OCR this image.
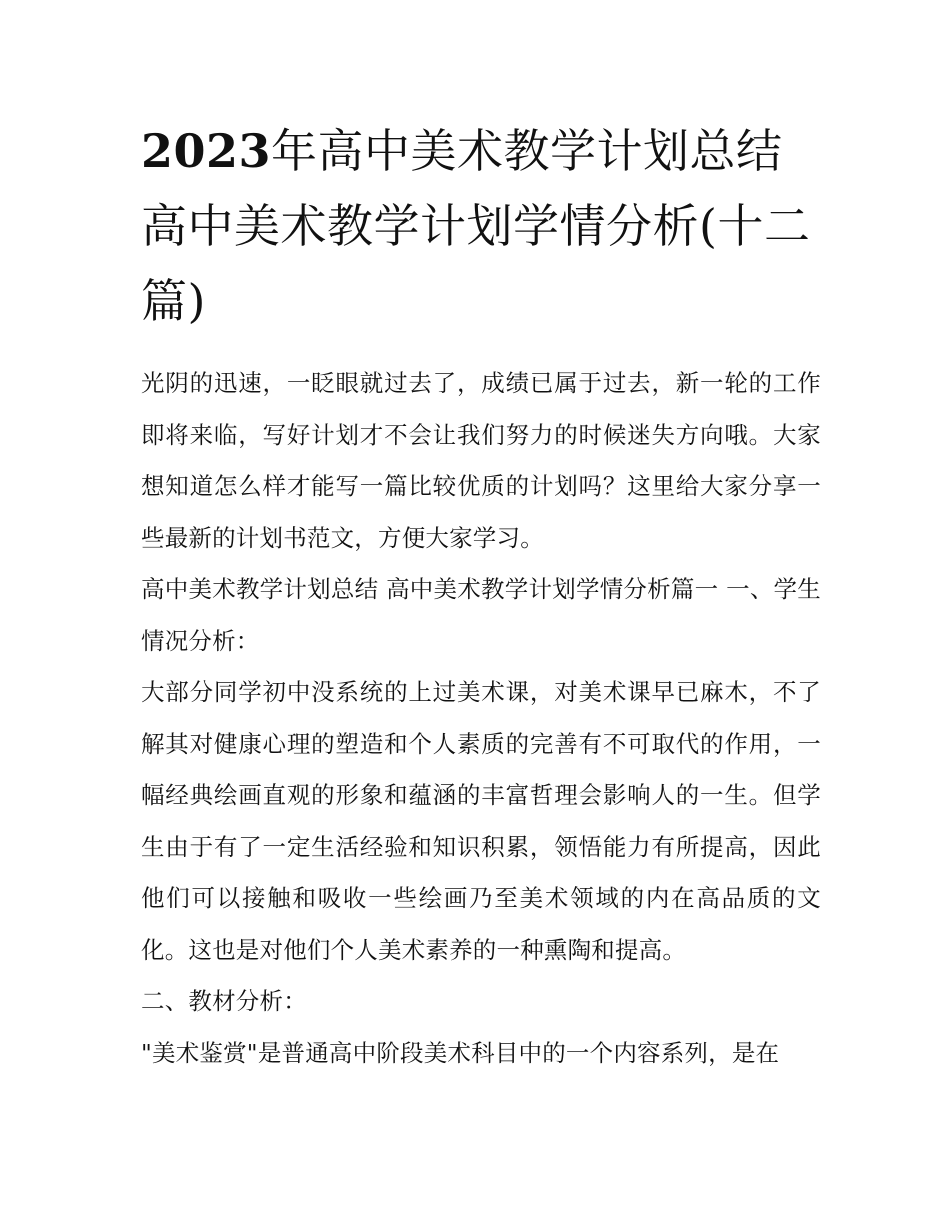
2023年高中美术教学计划总结高中美术教学计划学情分析(十二篇)

光阴的迅速，一眨眼就过去了，成绩已属于过去，新一轮的工作即将来临，写好计划才不会让我们努力的时候迷失方向哦。大家想知道怎么样才能写一篇比较优质的计划吗？这里给大家分享一些最新的计划书范文，方便大家学习。

高中美术教学计划总结 高中美术教学计划学情分析篇一 一、学生情况分析：

大部分同学初中没系统的上过美术课，对美术课早已麻木，不了解其对健康心理的塑造和个人素质的完善有不可取代的作用，一幅经典绘画直观的形象和蕴涵的丰富哲理会影响人的一生。但学生由于有了一定生活经验和知识积累，领悟能力有所提高，因此他们可以接触和吸收一些绘画乃至美术领域的内在高品质的文化。这也是对他们个人美术素养的一种熏陶和提高。

二、教材分析：

"美术鉴赏"是普通高中阶段美术科目中的一个内容系列，是在
